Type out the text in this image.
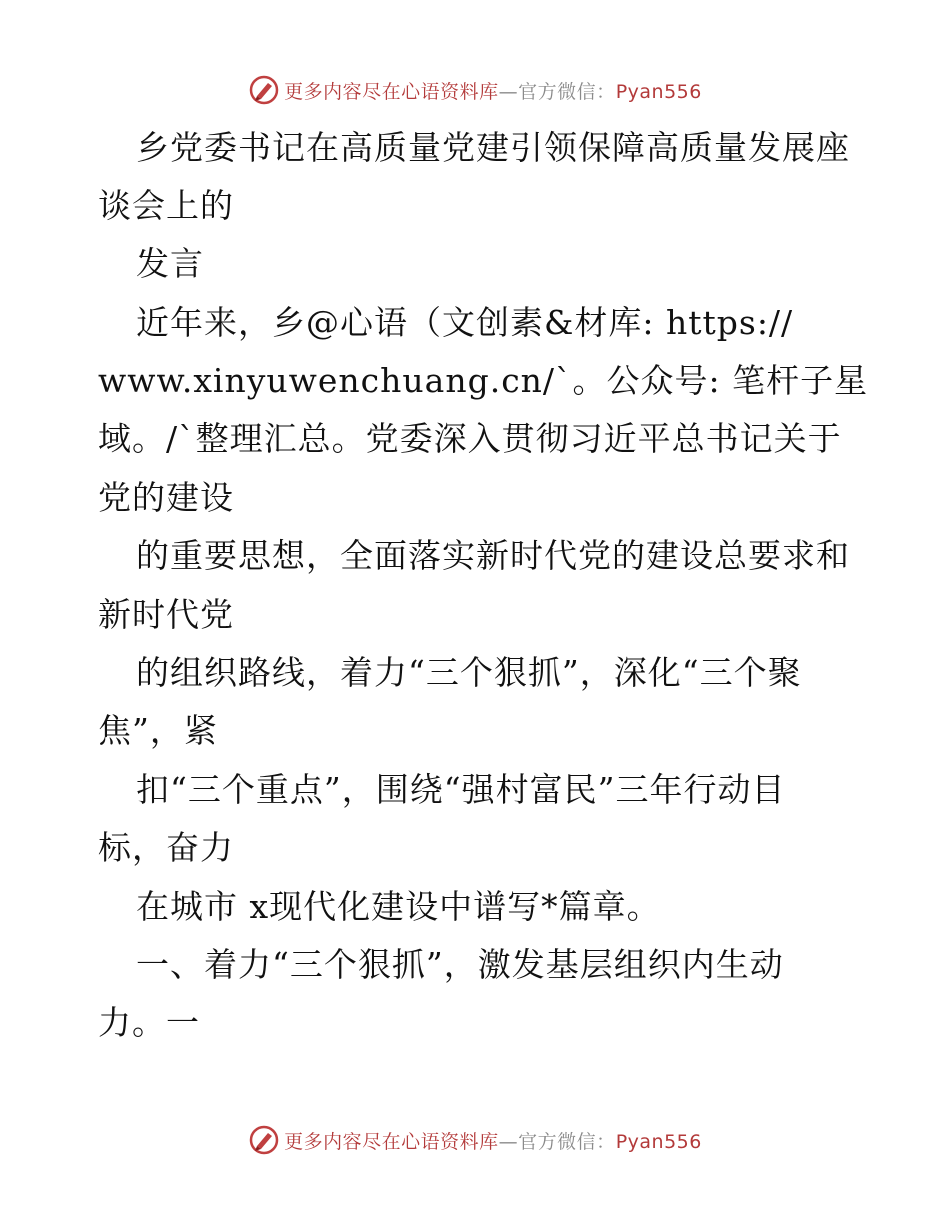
更多内容尽在心语资料库—官方微信：Pyan556
乡党委书记在高质量党建引领保障高质量发展座
谈会上的
发言
近年来，乡@心语（文创素&材库: https://
www.xinyuwenchuang.cn/`。公众号: 笔杆子星
域。/`整理汇总。党委深入贯彻习近平总书记关于
党的建设
的重要思想，全面落实新时代党的建设总要求和
新时代党
的组织路线，着力“三个狠抓”，深化“三个聚
焦”，紧
扣“三个重点”，围绕“强村富民”三年行动目
标，奋力
在城市 x现代化建设中谱写*篇章。
一、着力“三个狠抓”，激发基层组织内生动
力。一
更多内容尽在心语资料库—官方微信：Pyan556
